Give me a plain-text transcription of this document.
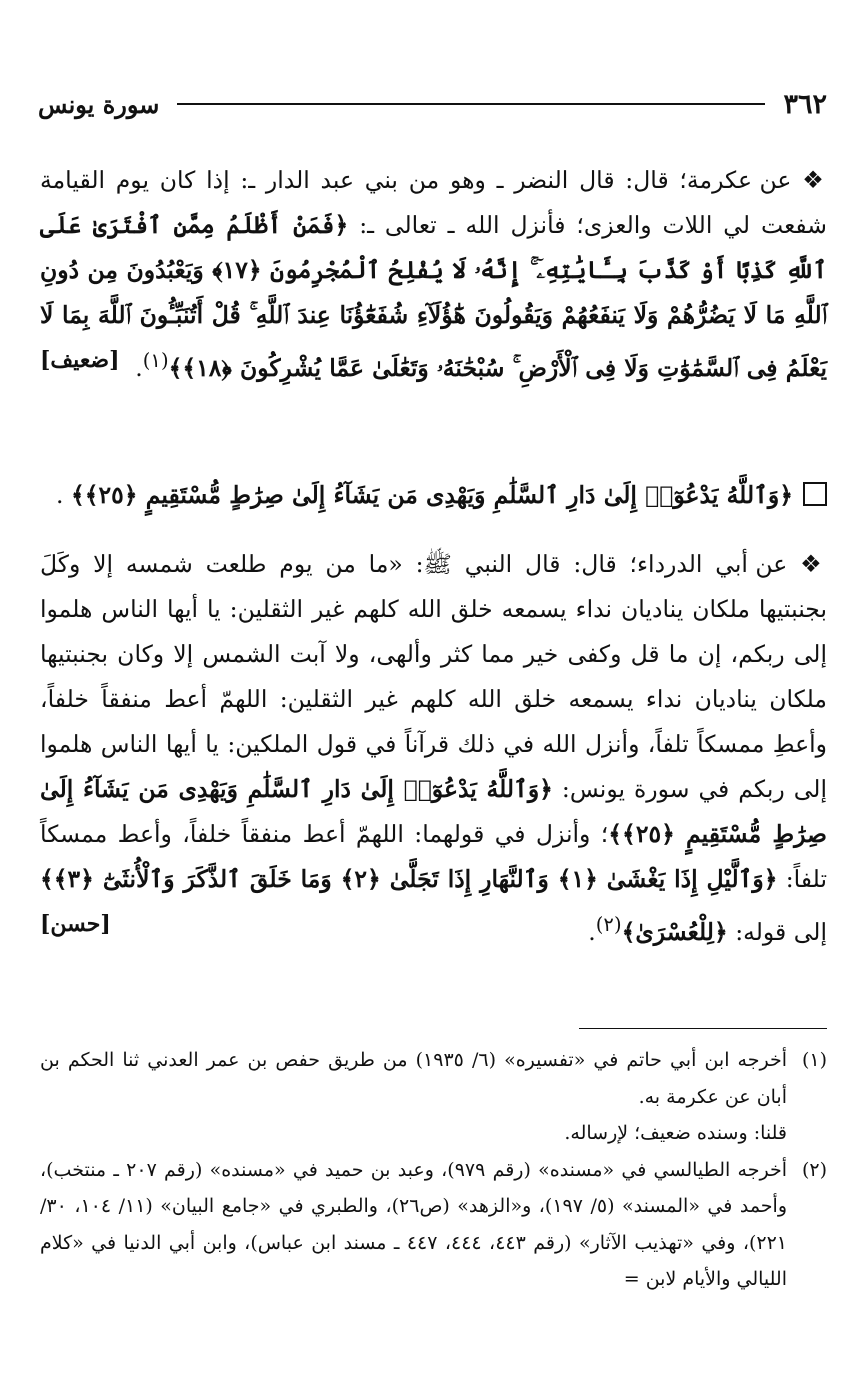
٣٦٢
سورة يونس

❖ عن عكرمة؛ قال: قال النضر ـ وهو من بني عبد الدار ـ: إذا كان يوم القيامة شفعت لي اللات والعزى؛ فأنزل الله ـ تعالى ـ: ﴿فَمَنْ أَظْلَمُ مِمَّنِ ٱفْتَرَىٰ عَلَى ٱللَّهِ كَذِبًا أَوْ كَذَّبَ بِـَٔايَٰتِهِۦٓ ۚ إِنَّهُۥ لَا يُفْلِحُ ٱلْمُجْرِمُونَ ﴿١٧﴾ وَيَعْبُدُونَ مِن دُونِ ٱللَّهِ مَا لَا يَضُرُّهُمْ وَلَا يَنفَعُهُمْ وَيَقُولُونَ هَٰٓؤُلَآءِ شُفَعَٰٓؤُنَا عِندَ ٱللَّهِ ۚ قُلْ أَتُنَبِّـُٔونَ ٱللَّهَ بِمَا لَا يَعْلَمُ فِى ٱلسَّمَٰوَٰتِ وَلَا فِى ٱلْأَرْضِ ۚ سُبْحَٰنَهُۥ وَتَعَٰلَىٰ عَمَّا يُشْرِكُونَ ﴿١٨﴾﴾$^{(١)}$.
[ضعيف]

﴿وَٱللَّهُ يَدْعُوٓا۟ إِلَىٰ دَارِ ٱلسَّلَٰمِ وَيَهْدِى مَن يَشَآءُ إِلَىٰ صِرَٰطٍ مُّسْتَقِيمٍ ﴿٢٥﴾﴾ .

❖ عن أبي الدرداء؛ قال: قال النبي ﷺ: «ما من يوم طلعت شمسه إلا وكَلَ بجنبتيها ملكان يناديان نداء يسمعه خلق الله كلهم غير الثقلين: يا أيها الناس هلموا إلى ربكم، إن ما قل وكفى خير مما كثر وألهى، ولا آبت الشمس إلا وكان بجنبتيها ملكان يناديان نداء يسمعه خلق الله كلهم غير الثقلين: اللهمّ أعط منفقاً خلفاً، وأعطِ ممسكاً تلفاً، وأنزل الله في ذلك قرآناً في قول الملكين: يا أيها الناس هلموا إلى ربكم في سورة يونس: ﴿وَٱللَّهُ يَدْعُوٓا۟ إِلَىٰ دَارِ ٱلسَّلَٰمِ وَيَهْدِى مَن يَشَآءُ إِلَىٰ صِرَٰطٍ مُّسْتَقِيمٍ ﴿٢٥﴾﴾؛ وأنزل في قولهما: اللهمّ أعط منفقاً خلفاً، وأعط ممسكاً تلفاً: ﴿وَٱلَّيْلِ إِذَا يَغْشَىٰ ﴿١﴾ وَٱلنَّهَارِ إِذَا تَجَلَّىٰ ﴿٢﴾ وَمَا خَلَقَ ٱلذَّكَرَ وَٱلْأُنثَىٰٓ ﴿٣﴾﴾ إلى قوله: ﴿لِلْعُسْرَىٰ﴾$^{(٢)}$.
[حسن]

(١)

أخرجه ابن أبي حاتم في «تفسيره» (٦/ ١٩٣٥) من طريق حفص بن عمر العدني ثنا الحكم بن أبان عن عكرمة به.

قلنا: وسنده ضعيف؛ لإرساله.

(٢)

أخرجه الطيالسي في «مسنده» (رقم ٩٧٩)، وعبد بن حميد في «مسنده» (رقم ٢٠٧ ـ منتخب)، وأحمد في «المسند» (٥/ ١٩٧)، و«الزهد» (ص٢٦)، والطبري في «جامع البيان» (١١/ ١٠٤، ٣٠/ ٢٢١)، وفي «تهذيب الآثار» (رقم ٤٤٣، ٤٤٤، ٤٤٧ ـ مسند ابن عباس)، وابن أبي الدنيا في «كلام الليالي والأيام لابن =
